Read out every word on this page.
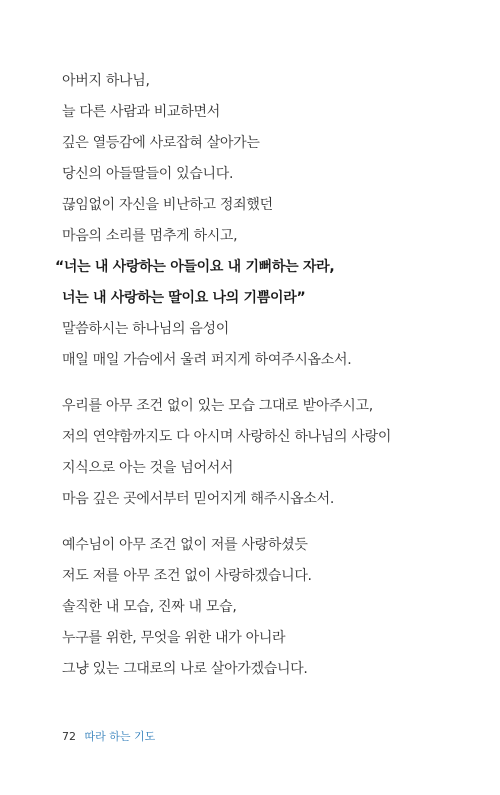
아버지 하나님,
늘 다른 사람과 비교하면서
깊은 열등감에 사로잡혀 살아가는
당신의 아들딸들이 있습니다.
끊임없이 자신을 비난하고 정죄했던
마음의 소리를 멈추게 하시고,
“너는 내 사랑하는 아들이요 내 기뻐하는 자라,
너는 내 사랑하는 딸이요 나의 기쁨이라”
말씀하시는 하나님의 음성이
매일 매일 가슴에서 울려 퍼지게 하여주시옵소서.
우리를 아무 조건 없이 있는 모습 그대로 받아주시고,
저의 연약함까지도 다 아시며 사랑하신 하나님의 사랑이
지식으로 아는 것을 넘어서서
마음 깊은 곳에서부터 믿어지게 해주시옵소서.
예수님이 아무 조건 없이 저를 사랑하셨듯
저도 저를 아무 조건 없이 사랑하겠습니다.
솔직한 내 모습, 진짜 내 모습,
누구를 위한, 무엇을 위한 내가 아니라
그냥 있는 그대로의 나로 살아가겠습니다.
72 따라 하는 기도
